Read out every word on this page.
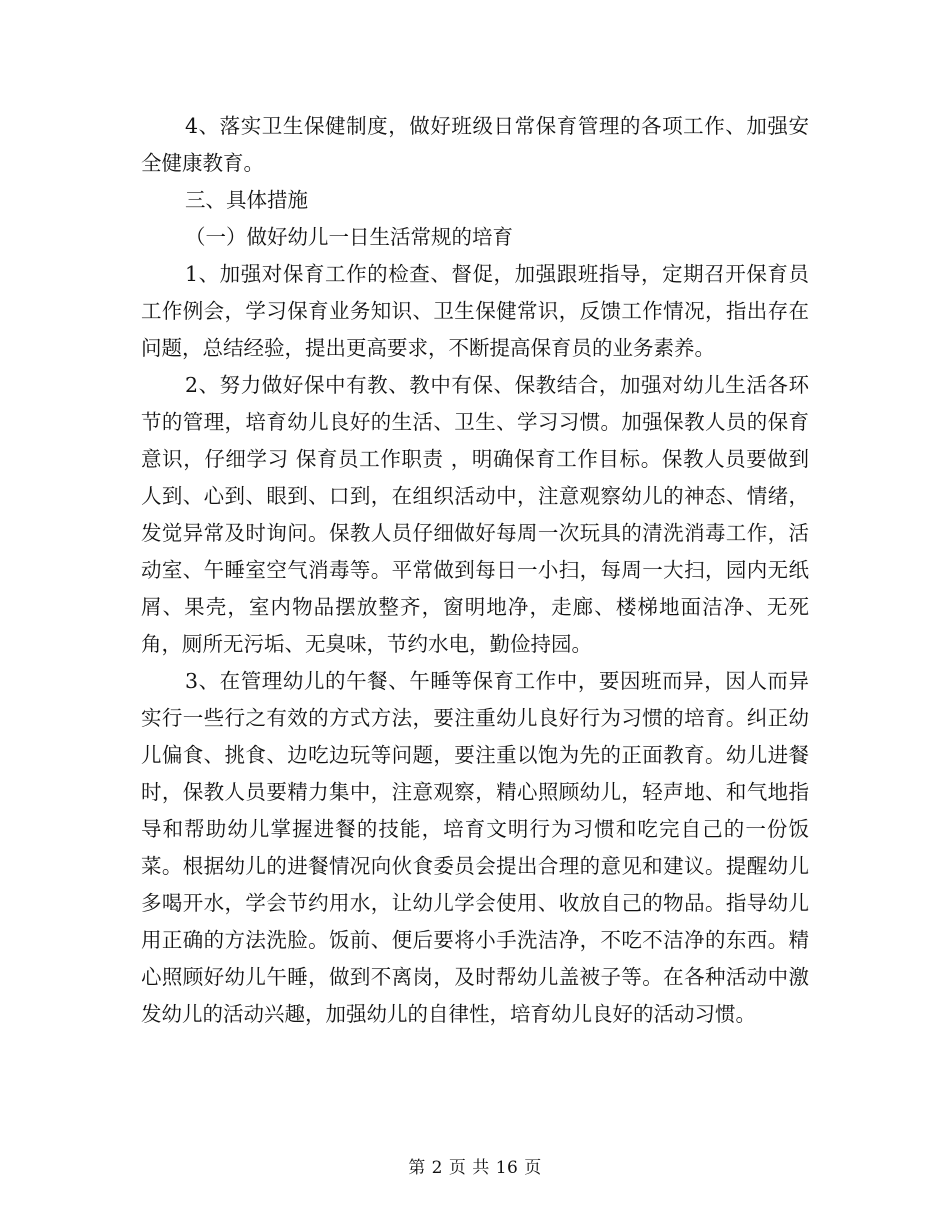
4、落实卫生保健制度，做好班级日常保育管理的各项工作、加强安全健康教育。

三、具体措施

（一）做好幼儿一日生活常规的培育

1、加强对保育工作的检查、督促，加强跟班指导，定期召开保育员工作例会，学习保育业务知识、卫生保健常识，反馈工作情况，指出存在问题，总结经验，提出更高要求，不断提高保育员的业务素养。

2、努力做好保中有教、教中有保、保教结合，加强对幼儿生活各环节的管理，培育幼儿良好的生活、卫生、学习习惯。加强保教人员的保育意识，仔细学习 保育员工作职责 ，明确保育工作目标。保教人员要做到人到、心到、眼到、口到，在组织活动中，注意观察幼儿的神态、情绪，发觉异常及时询问。保教人员仔细做好每周一次玩具的清洗消毒工作，活动室、午睡室空气消毒等。平常做到每日一小扫，每周一大扫，园内无纸屑、果壳，室内物品摆放整齐，窗明地净，走廊、楼梯地面洁净、无死角，厕所无污垢、无臭味，节约水电，勤俭持园。

3、在管理幼儿的午餐、午睡等保育工作中，要因班而异，因人而异实行一些行之有效的方式方法，要注重幼儿良好行为习惯的培育。纠正幼儿偏食、挑食、边吃边玩等问题，要注重以饱为先的正面教育。幼儿进餐时，保教人员要精力集中，注意观察，精心照顾幼儿，轻声地、和气地指导和帮助幼儿掌握进餐的技能，培育文明行为习惯和吃完自己的一份饭菜。根据幼儿的进餐情况向伙食委员会提出合理的意见和建议。提醒幼儿多喝开水，学会节约用水，让幼儿学会使用、收放自己的物品。指导幼儿用正确的方法洗脸。饭前、便后要将小手洗洁净，不吃不洁净的东西。精心照顾好幼儿午睡，做到不离岗，及时帮幼儿盖被子等。在各种活动中激发幼儿的活动兴趣，加强幼儿的自律性，培育幼儿良好的活动习惯。

第 2 页 共 16 页
